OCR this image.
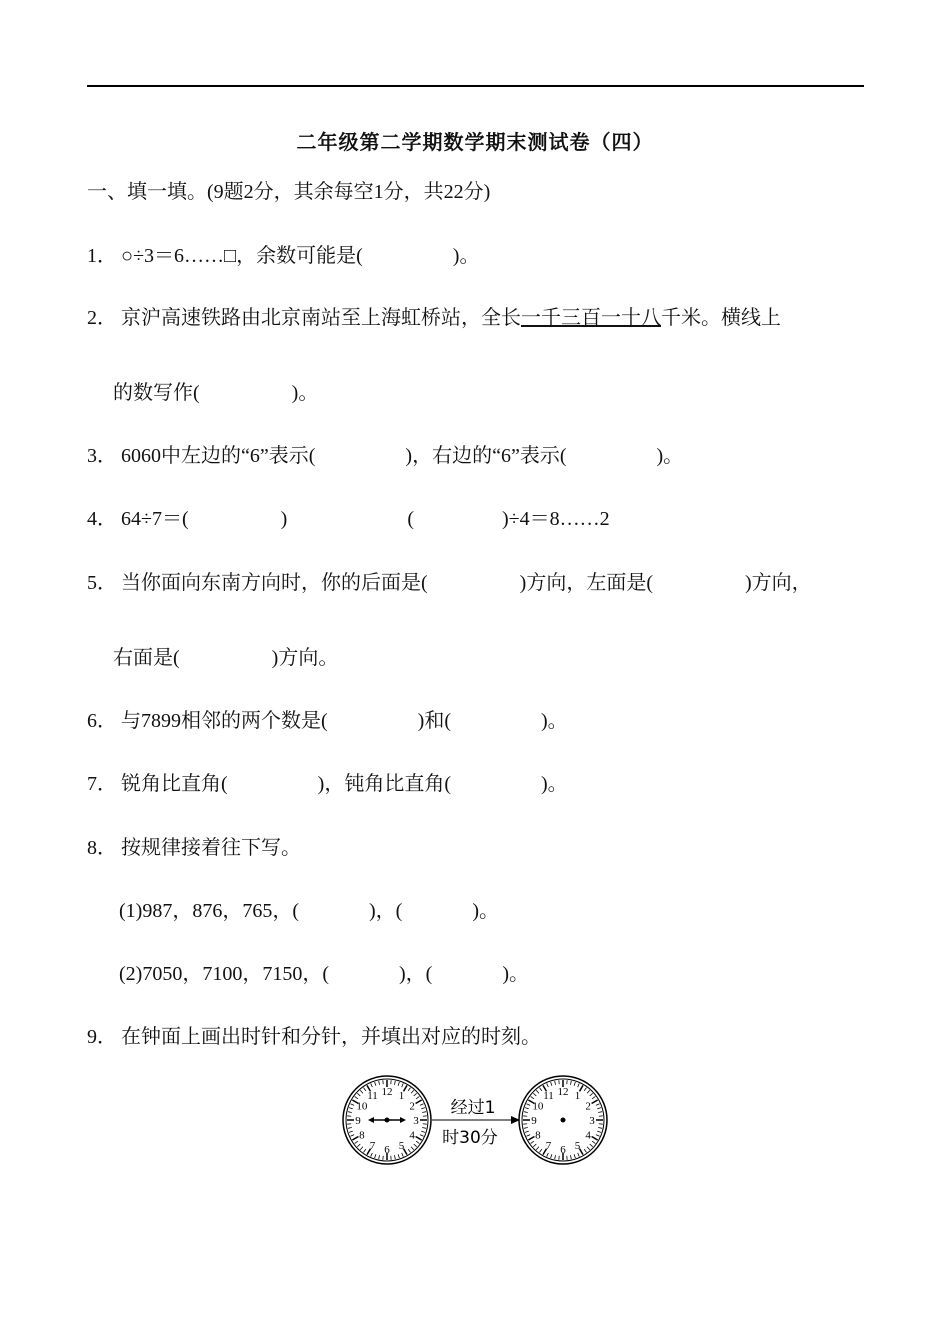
二年级第二学期数学期末测试卷（四）
一、填一填。(9题2分，其余每空1分，共22分)
1． ○÷3＝6……□，余数可能是(	)。
2． 京沪高速铁路由北京南站至上海虹桥站，全长一千三百一十八千米。横线上
的数写作(	)。
3． 6060中左边的“6”表示(	)，右边的“6”表示(	)。
4． 64÷7＝(	)	(	)÷4＝8……2
5． 当你面向东南方向时，你的后面是(	)方向，左面是(	)方向，
右面是(	)方向。
6． 与7899相邻的两个数是(	)和(	)。
7． 锐角比直角(	)，钝角比直角(	)。
8． 按规律接着往下写。
(1)987，876，765，(	)，(	)。
(2)7050，7100，7150，(	)，(	)。
9． 在钟面上画出时针和分针，并填出对应的时刻。
12 1
2
3
4
5
6
7
8
9
10
11	12 1
2
3
4
5
6
7
8
9
10
11
经过1
时30分
